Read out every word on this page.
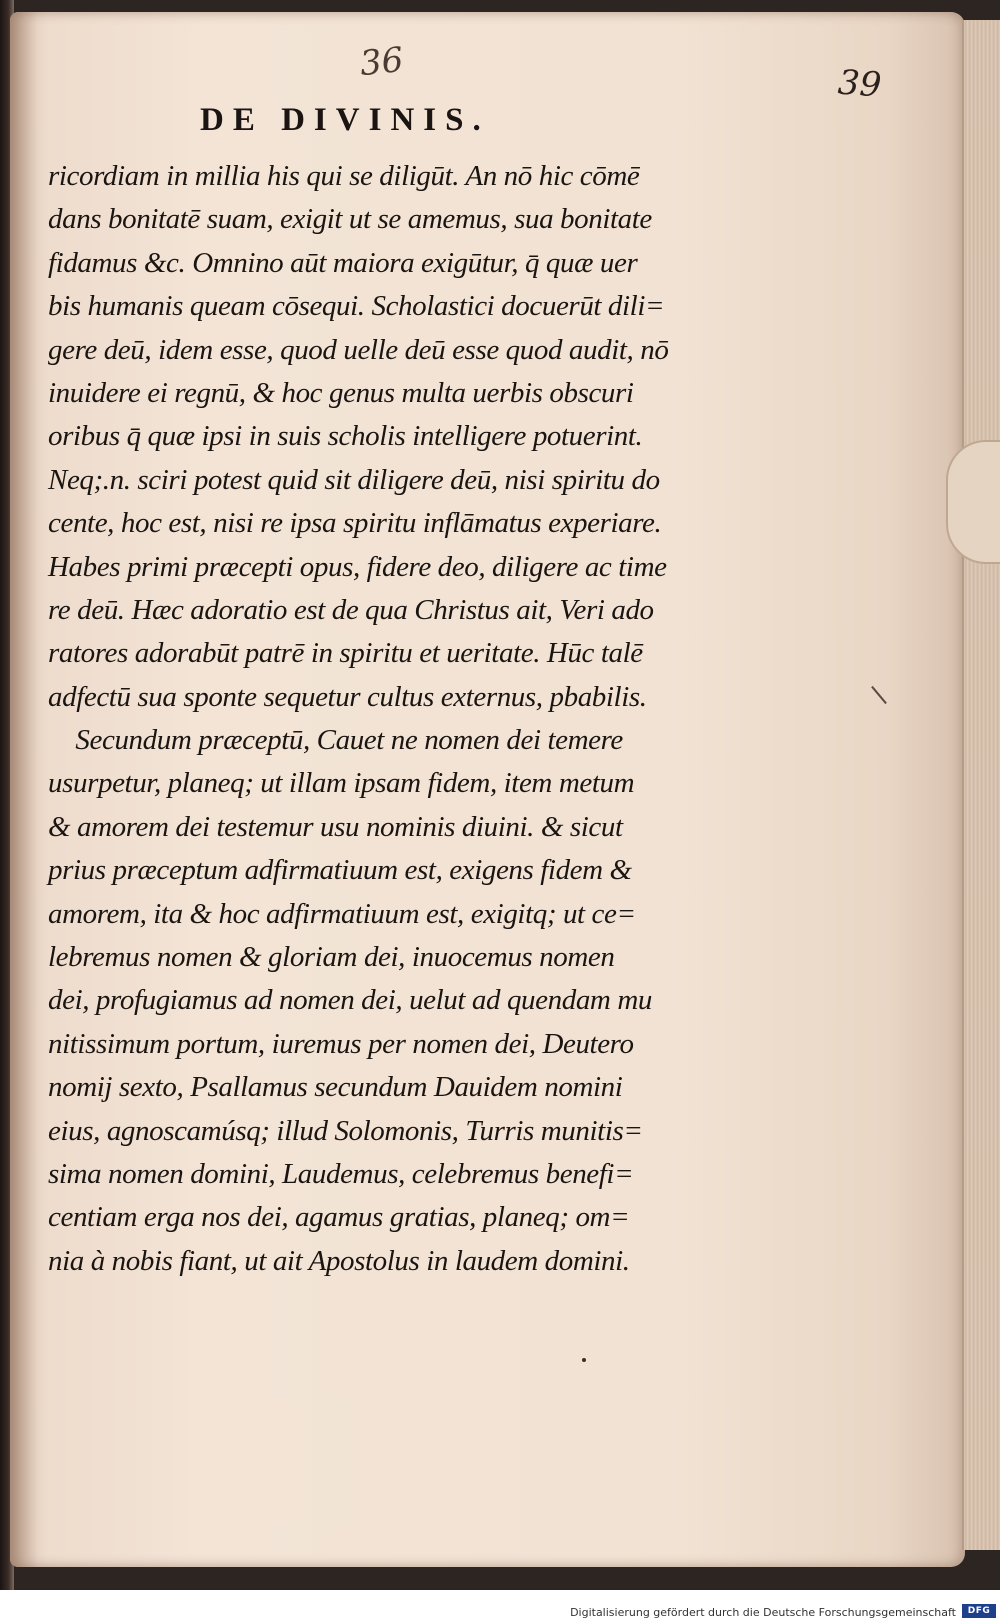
36	39
DE DIVINIS.
ricordiam in millia his qui se diligūt. An nō hic cōmē
dans bonitatē suam, exigit ut se amemus, sua bonitate
fidamus &c. Omnino aūt maiora exigūtur, q̄ quæ uer
bis humanis queam cōsequi. Scholastici docuerūt dili=
gere deū, idem esse, quod uelle deū esse quod audit, nō
inuidere ei regnū, & hoc genus multa uerbis obscuri
oribus q̄ quæ ipsi in suis scholis intelligere potuerint.
Neq;.n. sciri potest quid sit diligere deū, nisi spiritu do
cente, hoc est, nisi re ipsa spiritu inflāmatus experiare.
Habes primi præcepti opus, fidere deo, diligere ac time
re deū. Hæc adoratio est de qua Christus ait, Veri ado
ratores adorabūt patrē in spiritu et ueritate. Hūc talē
adfectū sua sponte sequetur cultus externus, pbabilis.
Secundum præceptū, Cauet ne nomen dei temere
usurpetur, planeq; ut illam ipsam fidem, item metum
& amorem dei testemur usu nominis diuini. & sicut
prius præceptum adfirmatiuum est, exigens fidem &
amorem, ita & hoc adfirmatiuum est, exigitq; ut ce=
lebremus nomen & gloriam dei, inuocemus nomen
dei, profugiamus ad nomen dei, uelut ad quendam mu
nitissimum portum, iuremus per nomen dei, Deutero
nomij sexto, Psallamus secundum Dauidem nomini
eius, agnoscamúsq; illud Solomonis, Turris munitis=
sima nomen domini, Laudemus, celebremus benefi=
centiam erga nos dei, agamus gratias, planeq; om=
nia à nobis fiant, ut ait Apostolus in laudem domini.
Digitalisierung gefördert durch die Deutsche Forschungsgemeinschaft	DFG
